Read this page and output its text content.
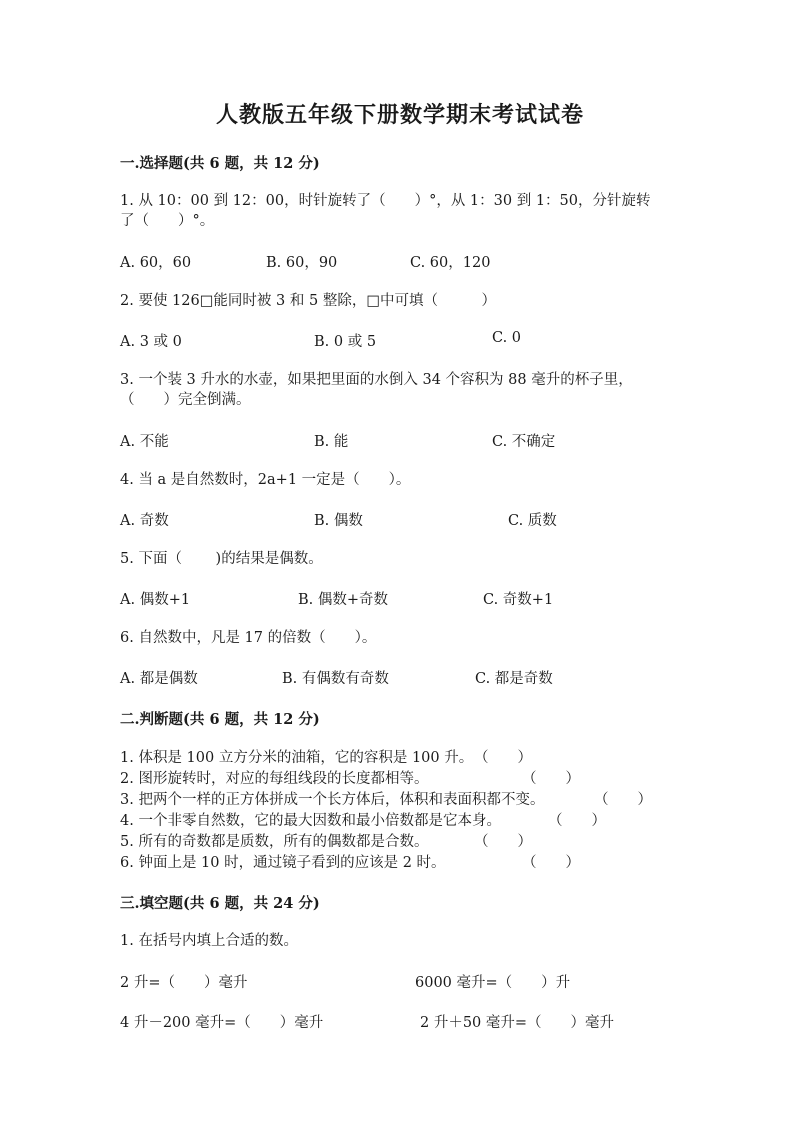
人教版五年级下册数学期末考试试卷
一.选择题(共 6 题，共 12 分)
1. 从 10：00 到 12：00，时针旋转了（　　）°，从 1：30 到 1：50，分针旋转
了（　　）°。
A. 60，60	B. 60，90	C. 60，120
2. 要使 126□能同时被 3 和 5 整除，□中可填（　　　）
A. 3 或 0	B. 0 或 5	C. 0
3. 一个装 3 升水的水壶，如果把里面的水倒入 34 个容积为 88 毫升的杯子里，
（　　）完全倒满。
A. 不能	B. 能	C. 不确定
4. 当 a 是自然数时，2a+1 一定是（　　）。
A. 奇数	B. 偶数	C. 质数
5. 下面（　　 )的结果是偶数。
A. 偶数+1	B. 偶数+奇数	C. 奇数+1
6. 自然数中，凡是 17 的倍数（　　）。
A. 都是偶数	B. 有偶数有奇数	C. 都是奇数
二.判断题(共 6 题，共 12 分)
1. 体积是 100 立方分米的油箱，它的容积是 100 升。 （　　）
2. 图形旋转时，对应的每组线段的长度都相等。	（　　）
3. 把两个一样的正方体拼成一个长方体后，体积和表面积都不变。	（　　）
4. 一个非零自然数，它的最大因数和最小倍数都是它本身。	（　　）
5. 所有的奇数都是质数，所有的偶数都是合数。	（　　）
6. 钟面上是 10 时，通过镜子看到的应该是 2 时。	（　　）
三.填空题(共 6 题，共 24 分)
1. 在括号内填上合适的数。
2 升=（　　）毫升	6000 毫升=（　　）升
4 升－200 毫升=（　　）毫升	2 升＋50 毫升=（　　）毫升
